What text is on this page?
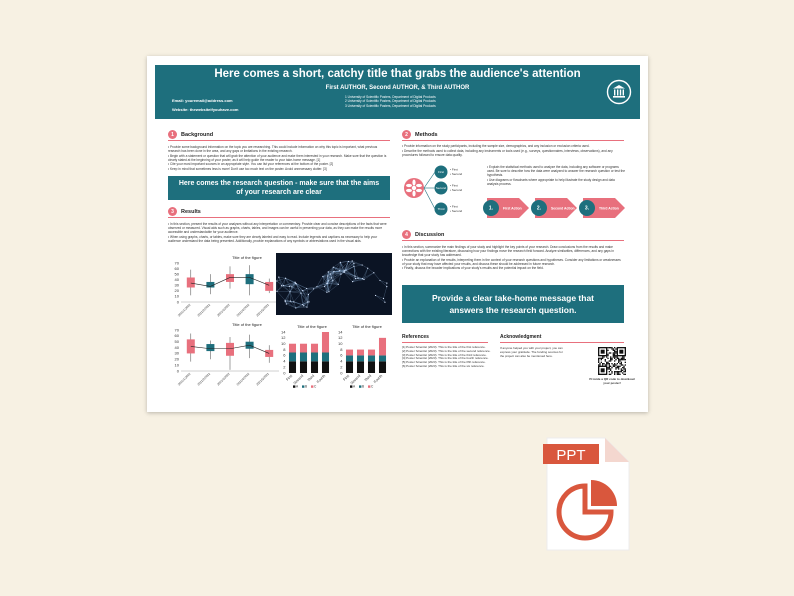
Here comes a short, catchy title that grabs the audience's attention
First AUTHOR, Second AUTHOR, & Third AUTHOR
Email: youremail@address.com
Website: thewebsiteifyouhave.com
1 University of Scientific Posters, Department of Digital Products
2 University of Scientific Posters, Department of Digital Products
3 University of Scientific Posters, Department of Digital Products
1	Background

• Provide some background information on the topic you are researching. This could include information on why this topic is important, what previous research has been done in the area, and any gaps or limitations in the existing research.

• Begin with a statement or question that will grab the attention of your audience and make them interested in your research. Make sure that the question is clearly stated at the beginning of your poster, as it will help guide the reader to your take-home message. [1]

• Cite your most important sources in an appropriate style. You can list your references at the bottom of the poster. [2]

• Keep in mind that sometimes less is more! Don't use too much text on the poster. Avoid unnecessary clutter. [3]

Here comes the research question - make sure that the aims of your research are clear
3	Results

• In this section, present the results of your analyses without any interpretation or commentary. Provide clear and concise descriptions of the facts that were observed or measured. Visual aids such as graphs, charts, tables, and images can be useful in presenting your data, as they can make the results more accessible and understandable for your audience.

• When using graphs, charts, or tables, make sure they are clearly labeled and easy to read. Include legends and captions as necessary to help your audience understand the data being presented. Additionally, provide explanations of any symbols or abbreviations used in the visual aids.

Title of the figure
0
10
20
30
40
50
60
70
2021/1/2022 2021/2/2022 2021/3/2022 2021/4/2022 2021/5/2022
Title of the figure
0
10
20
30
40
50
60
70
2021/1/2022 2021/2/2022 2021/3/2022 2021/4/2022 2021/5/2022
Title of the figure
0
2
4
6
8
10
12
14
First Second Third Fourth
A B C
Title of the figure
0
2
4
6
8
10
12
14
First Second Third Fourth
A B C
2	Methods

• Provide information on the study participants, including the sample size, demographics, and any inclusion or exclusion criteria used.

• Describe the methods used to collect data, including any instruments or tools used (e.g., surveys, questionnaires, interviews, observations), and any procedures followed to ensure data quality.

First
Second
Third
• First
• Second
• First
• Second
• First
• Second

• Explain the statistical methods used to analyze the data, including any software or programs used. Be sure to describe how the data were analyzed to answer the research question or test the hypothesis.

• Use diagrams or flowcharts where appropriate to help illustrate the study design and data analysis process.

1.	First Action	2.	Second Action 3.	Third Action
4	Discussion

• In this section, summarize the main findings of your study and highlight the key points of your research. Draw conclusions from the results and make connections with the existing literature, discussing how your findings move the research field forward. Analyze similarities, differences, and any gaps in knowledge that your study has addressed.

• Provide an explanation of the results, interpreting them in the context of your research questions and hypotheses. Consider any limitations or weaknesses of your study that may have affected your results, and discuss these should be addressed in future research.

• Finally, discuss the broader implications of your study's results and the potential impact on the field.

Provide a clear take-home message that answers the research question.
References
[1] Poster Scientist (2023). This is the title of the first reference.
[2] Poster Scientist (2023). This is the title of the second reference.
[3] Poster Scientist (2023). This is the title of the third reference.
[4] Poster Scientist (2023). This is the title of the fourth reference.
[5] Poster Scientist (2023). This is the title of the fifth reference.
[6] Poster Scientist (2023). This is the title of the six reference.
Acknowledgment
If anyone helped you with your project, you can express your gratitude. The funding sources for the project can also be mentioned here.
Provide a QR code to download your poster!
PPT
